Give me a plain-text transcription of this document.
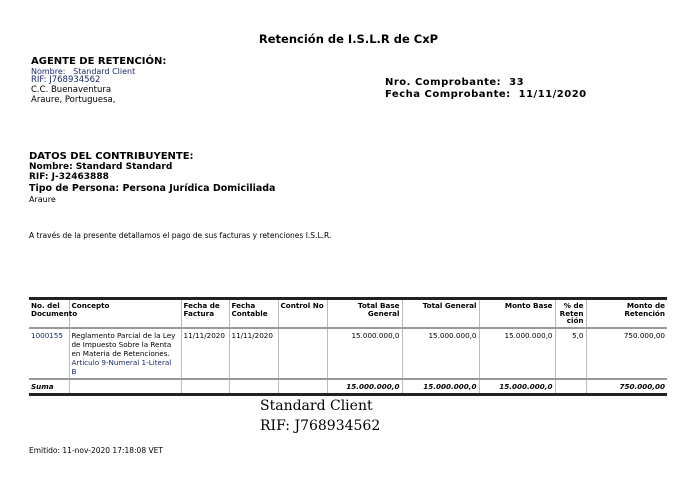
Retención de I.S.L.R de CxP
AGENTE DE RETENCIÓN:
Nombre: Standard Client
RIF: J768934562
C.C. Buenaventura
Araure, Portuguesa,
Nro. Comprobante: 33
Fecha Comprobante: 11/11/2020
DATOS DEL CONTRIBUYENTE:
Nombre: Standard Standard
RIF: J-32463888
Tipo de Persona: Persona Jurídica Domiciliada
Araure
A través de la presente detallamos el pago de sus facturas y retenciones I.S.L.R.
No. del Documento	Concepto	Fecha de Factura	Fecha Contable	Control No	Total Base General	Total General	Monto Base	% de Retención	Monto de Retención
1000155	Reglamento Parcial de la Ley de Impuesto Sobre la Renta en Materia de Retenciones.
Articulo 9-Numeral 1-Literal B	11/11/2020	11/11/2020		15.000.000,0	15.000.000,0	15.000.000,0	5,0	750.000,00
Suma					15.000.000,0	15.000.000,0	15.000.000,0		750.000,00
Standard Client
RIF: J768934562
Emitido: 11-nov-2020 17:18:08 VET
